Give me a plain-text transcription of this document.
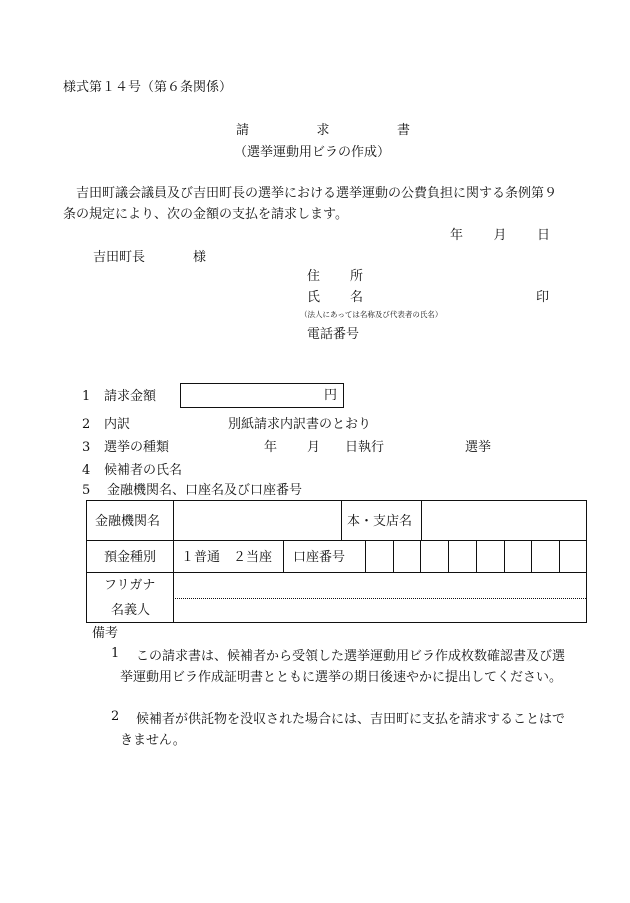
様式第１４号（第６条関係）
請	求	書
（選挙運動用ビラの作成）
　吉田町議会議員及び吉田町長の選挙における選挙運動の公費負担に関する条例第９条の規定により、次の金額の支払を請求します。
年 月 日
吉田町長	様
住 所
氏 名	印
（法人にあっては名称及び代表者の氏名）
電話番号
1 請求金額	円
2 内訳	別紙請求内訳書のとおり
3 選挙の種類	年 月 日執行	選挙
4 候補者の氏名
5 金融機関名、口座名及び口座番号
金融機関名	本・支店名
預金種別 １普通　２当座 口座番号
フリガナ
名義人
備考
1	この請求書は、候補者から受領した選挙運動用ビラ作成枚数確認書及び選挙運動用ビラ作成証明書とともに選挙の期日後速やかに提出してください。
2	候補者が供託物を没収された場合には、吉田町に支払を請求することはできません。
